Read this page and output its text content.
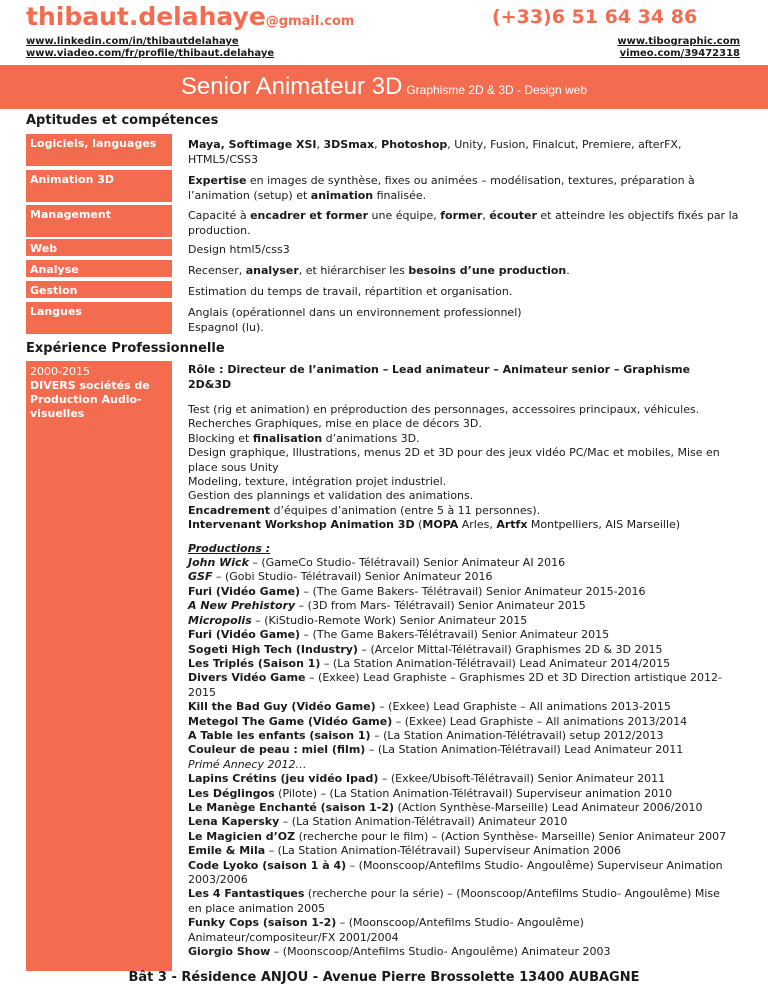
thibaut.delahaye@gmail.com	(+33)6 51 64 34 86
www.linkedin.com/in/thibautdelahaye
www.viadeo.com/fr/profile/thibaut.delahaye
www.tibographic.com
vimeo.com/39472318
Senior Animateur 3D Graphisme 2D & 3D - Design web
Aptitudes et compétences
Logiciels, languages	Maya, Softimage XSI, 3DSmax, Photoshop, Unity, Fusion, Finalcut, Premiere, afterFX, HTML5/CSS3
Animation 3D	Expertise en images de synthèse, fixes ou animées – modélisation, textures, préparation à l’animation (setup) et animation finalisée.
Management	Capacité à encadrer et former une équipe, former, écouter et atteindre les objectifs fixés par la production.
Web	Design html5/css3
Analyse	Recenser, analyser, et hiérarchiser les besoins d’une production.
Gestion	Estimation du temps de travail, répartition et organisation.
Langues	Anglais (opérationnel dans un environnement professionnel)
Espagnol (lu).
Expérience Professionnelle
2000-2015
DIVERS sociétés de Production Audio-visuelles
Rôle : Directeur de l’animation – Lead animateur – Animateur senior – Graphisme 2D&3D
Test (rig et animation) en préproduction des personnages, accessoires principaux, véhicules.
Recherches Graphiques, mise en place de décors 3D.
Blocking et finalisation d’animations 3D.
Design graphique, Illustrations, menus 2D et 3D pour des jeux vidéo PC/Mac et mobiles, Mise en place sous Unity
Modeling, texture, intégration projet industriel.
Gestion des plannings et validation des animations.
Encadrement d’équipes d’animation (entre 5 à 11 personnes).
Intervenant Workshop Animation 3D (MOPA Arles, Artfx Montpelliers, AIS Marseille)
Productions :
John Wick – (GameCo Studio- Télétravail) Senior Animateur AI 2016
GSF – (Gobi Studio- Télétravail) Senior Animateur 2016
Furi (Vidéo Game) – (The Game Bakers- Télétravail) Senior Animateur 2015-2016
A New Prehistory – (3D from Mars- Télétravail) Senior Animateur 2015
Micropolis – (KiStudio-Remote Work) Senior Animateur 2015
Furi (Vidéo Game) – (The Game Bakers-Télétravail) Senior Animateur 2015
Sogeti High Tech (Industry) – (Arcelor Mittal-Télétravail) Graphismes 2D & 3D 2015
Les Triplés (Saison 1) – (La Station Animation-Télétravail) Lead Animateur 2014/2015
Divers Vidéo Game – (Exkee) Lead Graphiste – Graphismes 2D et 3D Direction artistique 2012-2015
Kill the Bad Guy (Vidéo Game) – (Exkee) Lead Graphiste – All animations 2013-2015
Metegol The Game (Vidéo Game) – (Exkee) Lead Graphiste – All animations 2013/2014
A Table les enfants (saison 1) – (La Station Animation-Télétravail) setup 2012/2013
Couleur de peau : miel (film) – (La Station Animation-Télétravail) Lead Animateur 2011
Primé Annecy 2012…
Lapins Crétins (jeu vidéo Ipad) – (Exkee/Ubisoft-Télétravail) Senior Animateur 2011
Les Déglingos (Pilote) – (La Station Animation-Télétravail) Superviseur animation 2010
Le Manège Enchanté (saison 1-2) (Action Synthèse-Marseille) Lead Animateur 2006/2010
Lena Kapersky – (La Station Animation-Télétravail) Animateur 2010
Le Magicien d’OZ (recherche pour le film) – (Action Synthèse- Marseille) Senior Animateur 2007
Emile & Mila – (La Station Animation-Télétravail) Superviseur Animation 2006
Code Lyoko (saison 1 à 4) – (Moonscoop/Antefilms Studio- Angoulême) Superviseur Animation 2003/2006
Les 4 Fantastiques (recherche pour la série) – (Moonscoop/Antefilms Studio- Angoulême) Mise en place animation 2005
Funky Cops (saison 1-2) – (Moonscoop/Antefilms Studio- Angoulême) Animateur/compositeur/FX 2001/2004
Giorgio Show – (Moonscoop/Antefilms Studio- Angoulême) Animateur 2003
Bât 3 - Résidence ANJOU - Avenue Pierre Brossolette 13400 AUBAGNE
